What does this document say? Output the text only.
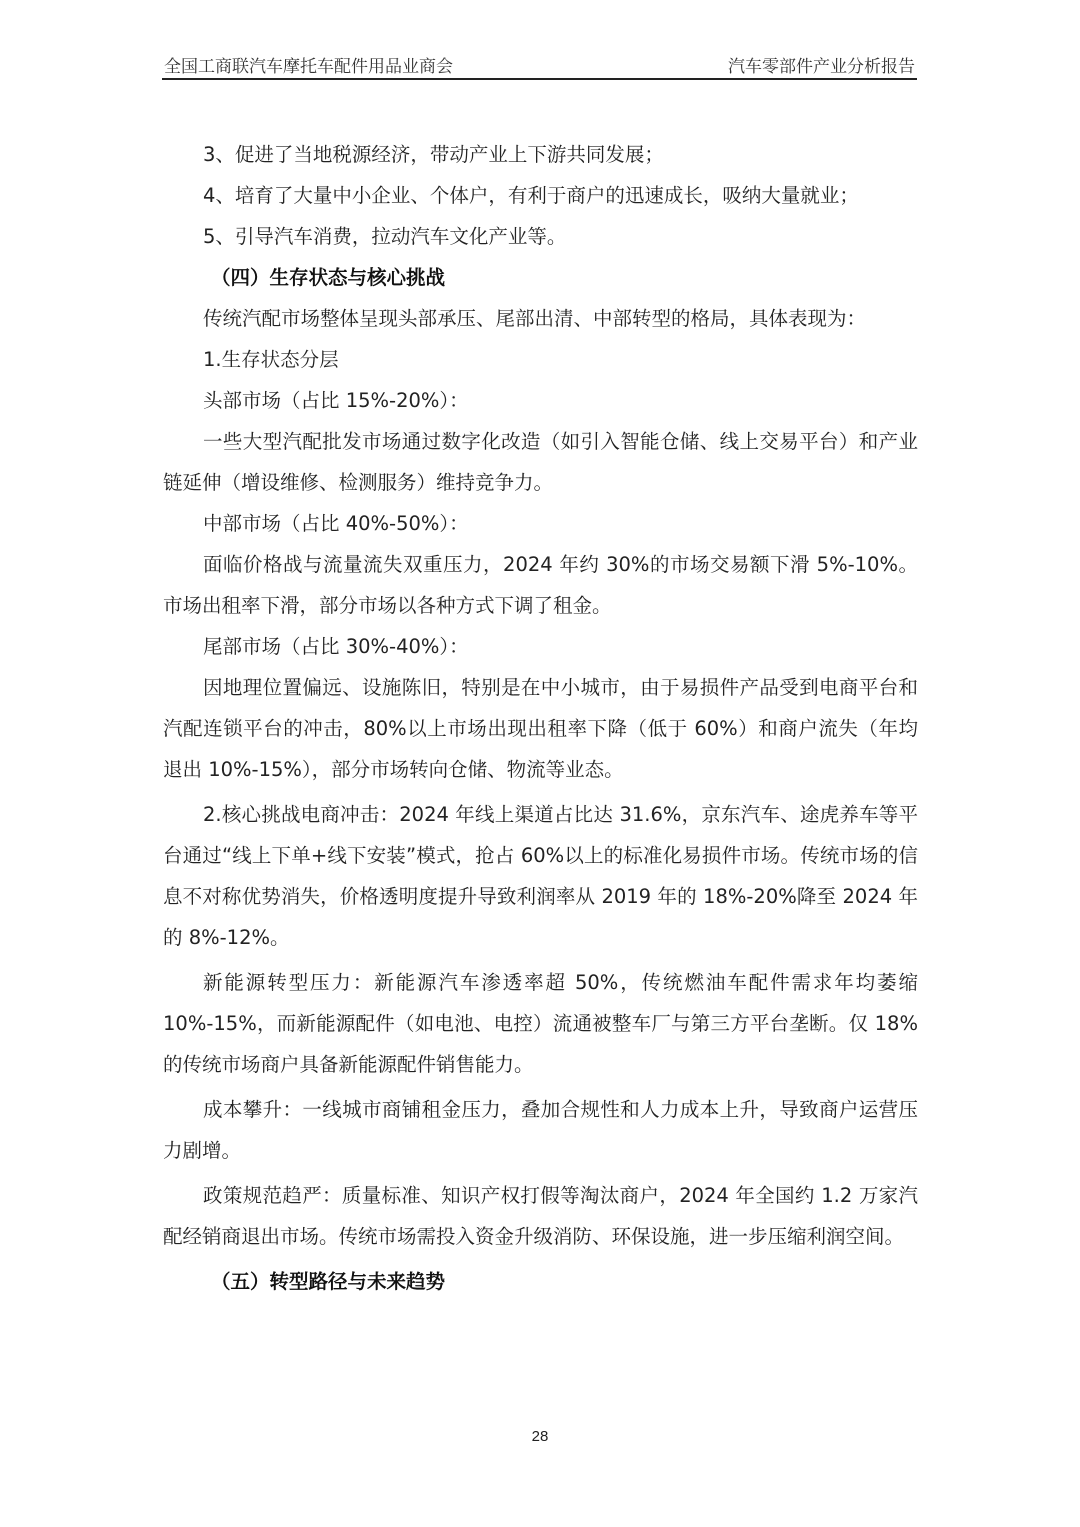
全国工商联汽车摩托车配件用品业商会	汽车零部件产业分析报告

3、促进了当地税源经济，带动产业上下游共同发展；

4、培育了大量中小企业、个体户，有利于商户的迅速成长，吸纳大量就业；

5、引导汽车消费，拉动汽车文化产业等。

（四）生存状态与核心挑战

传统汽配市场整体呈现头部承压、尾部出清、中部转型的格局，具体表现为：

1.生存状态分层

头部市场（占比 15%-20%）：

一些大型汽配批发市场通过数字化改造（如引入智能仓储、线上交易平台）和产业链延伸（增设维修、检测服务）维持竞争力。

中部市场（占比 40%-50%）：

面临价格战与流量流失双重压力，2024 年约 30%的市场交易额下滑 5%-10%。市场出租率下滑，部分市场以各种方式下调了租金。

尾部市场（占比 30%-40%）：

因地理位置偏远、设施陈旧，特别是在中小城市，由于易损件产品受到电商平台和汽配连锁平台的冲击，80%以上市场出现出租率下降（低于 60%）和商户流失（年均退出 10%-15%），部分市场转向仓储、物流等业态。

2.核心挑战电商冲击：2024 年线上渠道占比达 31.6%，京东汽车、途虎养车等平台通过“线上下单+线下安装”模式，抢占 60%以上的标准化易损件市场。传统市场的信息不对称优势消失，价格透明度提升导致利润率从 2019 年的 18%-20%降至 2024 年的 8%-12%。

新能源转型压力：新能源汽车渗透率超 50%，传统燃油车配件需求年均萎缩 10%-15%，而新能源配件（如电池、电控）流通被整车厂与第三方平台垄断。仅 18%的传统市场商户具备新能源配件销售能力。

成本攀升：一线城市商铺租金压力，叠加合规性和人力成本上升，导致商户运营压力剧增。

政策规范趋严：质量标准、知识产权打假等淘汰商户，2024 年全国约 1.2 万家汽配经销商退出市场。传统市场需投入资金升级消防、环保设施，进一步压缩利润空间。

（五）转型路径与未来趋势

28
